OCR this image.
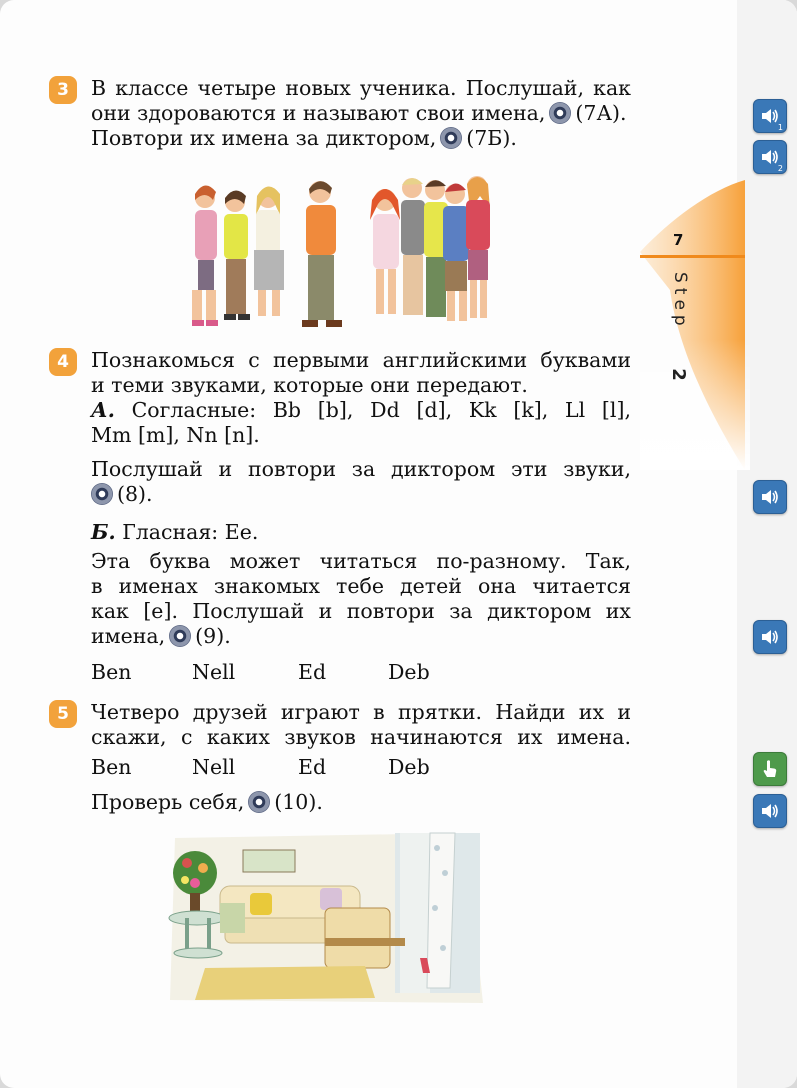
7
Step
2
1
2
3	В классе четыре новых ученика. Послушай, как
они здороваются и называют свои имена, (7А).
Повтори их имена за диктором, (7Б).
4	Познакомься с первыми английскими буквами
и теми звуками, которые они передают.
А. Согласные: Bb [b], Dd [d], Kk [k], Ll [l],
Mm [m], Nn [n].
Послушай и повтори за диктором эти звуки,
(8).
Б. Гласная: Ee.
Эта буква может читаться по-разному. Так,
в именах знакомых тебе детей она читается
как [e]. Послушай и повтори за диктором их
имена, (9).
Ben	Nell	Ed	Deb
5	Четверо друзей играют в прятки. Найди их и
скажи, с каких звуков начинаются их имена.
Ben	Nell	Ed	Deb
Проверь себя, (10).
